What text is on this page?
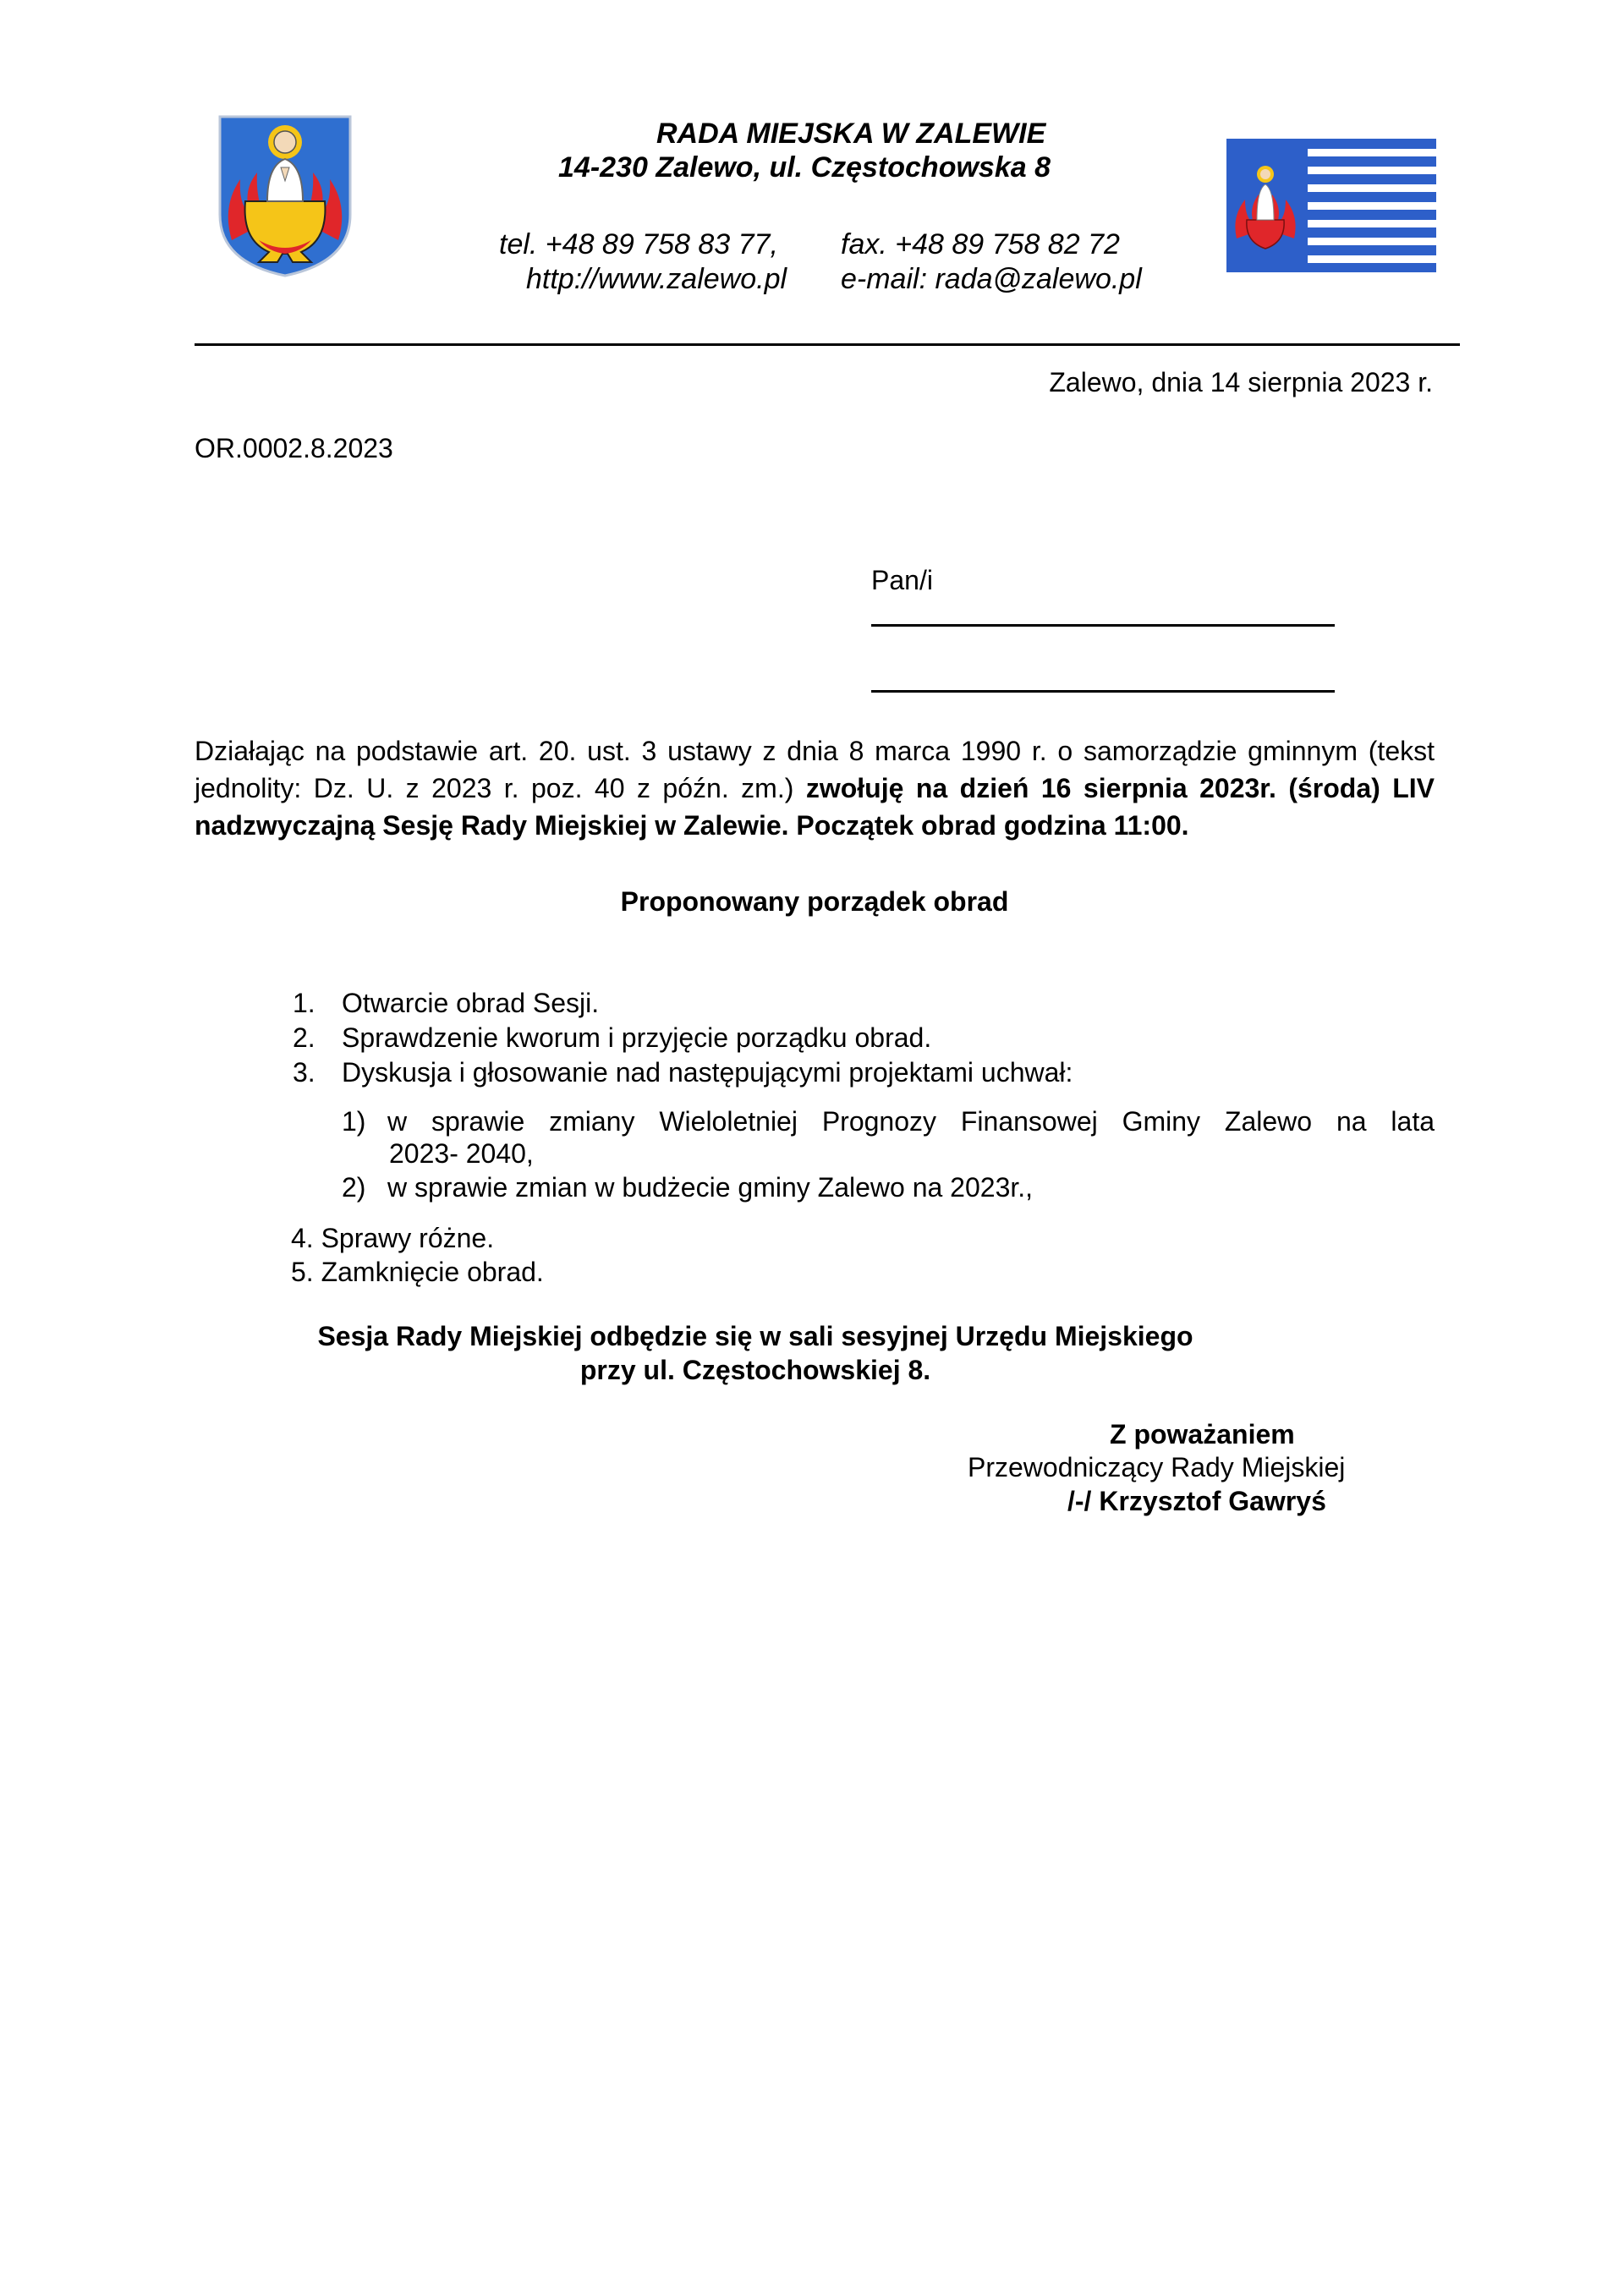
RADA MIEJSKA W ZALEWIE
14-230 Zalewo, ul. Częstochowska 8
tel. +48 89 758 83 77, fax. +48 89 758 82 72
http://www.zalewo.pl e-mail: rada@zalewo.pl
Zalewo, dnia 14 sierpnia 2023 r.
OR.0002.8.2023
Pan/i
Działając na podstawie art. 20. ust. 3 ustawy z dnia 8 marca 1990 r. o samorządzie gminnym (tekst jednolity: Dz. U. z 2023 r. poz. 40 z późn. zm.) zwołuję na dzień 16 sierpnia 2023r. (środa) LIV nadzwyczajną Sesję Rady Miejskiej w Zalewie. Początek obrad godzina 11:00.
Proponowany porządek obrad
1. Otwarcie obrad Sesji.
2. Sprawdzenie kworum i przyjęcie porządku obrad.
3. Dyskusja i głosowanie nad następującymi projektami uchwał:
1) w sprawie zmiany Wieloletniej Prognozy Finansowej Gminy Zalewo na lata
2023- 2040,
2) w sprawie zmian w budżecie gminy Zalewo na 2023r.,
4. Sprawy różne.
5. Zamknięcie obrad.
Sesja Rady Miejskiej odbędzie się w sali sesyjnej Urzędu Miejskiego
przy ul. Częstochowskiej 8.
Z poważaniem
Przewodniczący Rady Miejskiej
/-/ Krzysztof Gawryś
